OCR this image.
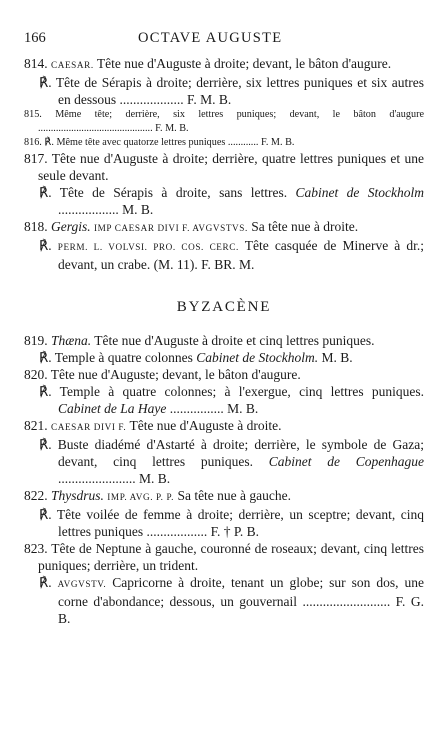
166	OCTAVE AUGUSTE

814. CAESAR. Tête nue d'Auguste à droite; devant, le bâton d'augure.

℟. Tête de Sérapis à droite; derrière, six lettres puniques et six autres en dessous ................... F. M. B.

815. Même tête; derrière, six lettres puniques; devant, le bâton d'augure ............................................. F. M. B.

816. ℟. Même tête avec quatorze lettres puniques ............ F. M. B.

817. Tête nue d'Auguste à droite; derrière, quatre lettres puniques et une seule devant.

℟. Tête de Sérapis à droite, sans lettres. Cabinet de Stockholm .................. M. B.

818. Gergis. IMP CAESAR DIVI F. AVGVSTVS. Sa tête nue à droite.

℟. PERM. L. VOLVSI. PRO. COS. CERC. Tête casquée de Minerve à dr.; devant, un crabe. (M. 11). F. BR. M.

BYZACÈNE

819. Thæna. Tête nue d'Auguste à droite et cinq lettres puniques.

℟. Temple à quatre colonnes Cabinet de Stockholm. M. B.

820. Tête nue d'Auguste; devant, le bâton d'augure.

℟. Temple à quatre colonnes; à l'exergue, cinq lettres puniques. Cabinet de La Haye ................ M. B.

821. CAESAR DIVI F. Tête nue d'Auguste à droite.

℟. Buste diadémé d'Astarté à droite; derrière, le symbole de Gaza; devant, cinq lettres puniques. Cabinet de Copenhague ....................... M. B.

822. Thysdrus. IMP. AVG. P. P. Sa tête nue à gauche.

℟. Tête voilée de femme à droite; derrière, un sceptre; devant, cinq lettres puniques .................. F. † P. B.

823. Tête de Neptune à gauche, couronné de roseaux; devant, cinq lettres puniques; derrière, un trident.

℟. AVGVSTV. Capricorne à droite, tenant un globe; sur son dos, une corne d'abondance; dessous, un gouvernail .......................... F. G. B.
